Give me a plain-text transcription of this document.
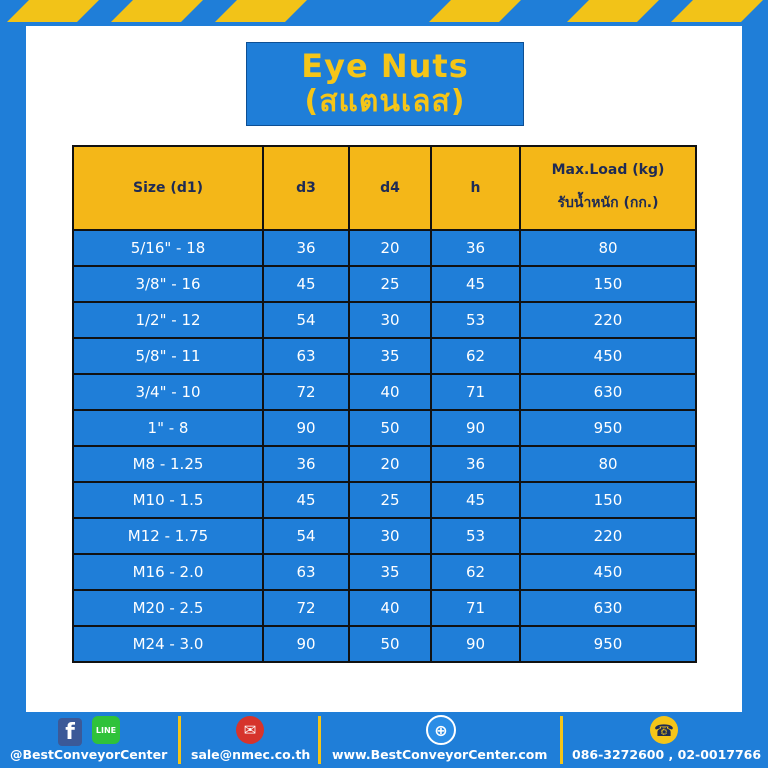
Eye Nuts
(สแตนเลส)
Size (d1)	d3	d4	h	Max.Load (kg)
รับน้ำหนัก (กก.)

5/16" - 18	36	20	36	80
3/8" - 16	45	25	45	150
1/2" - 12	54	30	53	220
5/8" - 11	63	35	62	450
3/4" - 10	72	40	71	630
1" - 8	90	50	90	950
M8 - 1.25	36	20	36	80
M10 - 1.5	45	25	45	150
M12 - 1.75	54	30	53	220
M16 - 2.0	63	35	62	450
M20 - 2.5	72	40	71	630
M24 - 3.0	90	50	90	950
f	LINE
@BestConveyorCenter
✉
sale@nmec.co.th
⊕
www.BestConveyorCenter.com
☎
086-3272600 , 02-0017766
